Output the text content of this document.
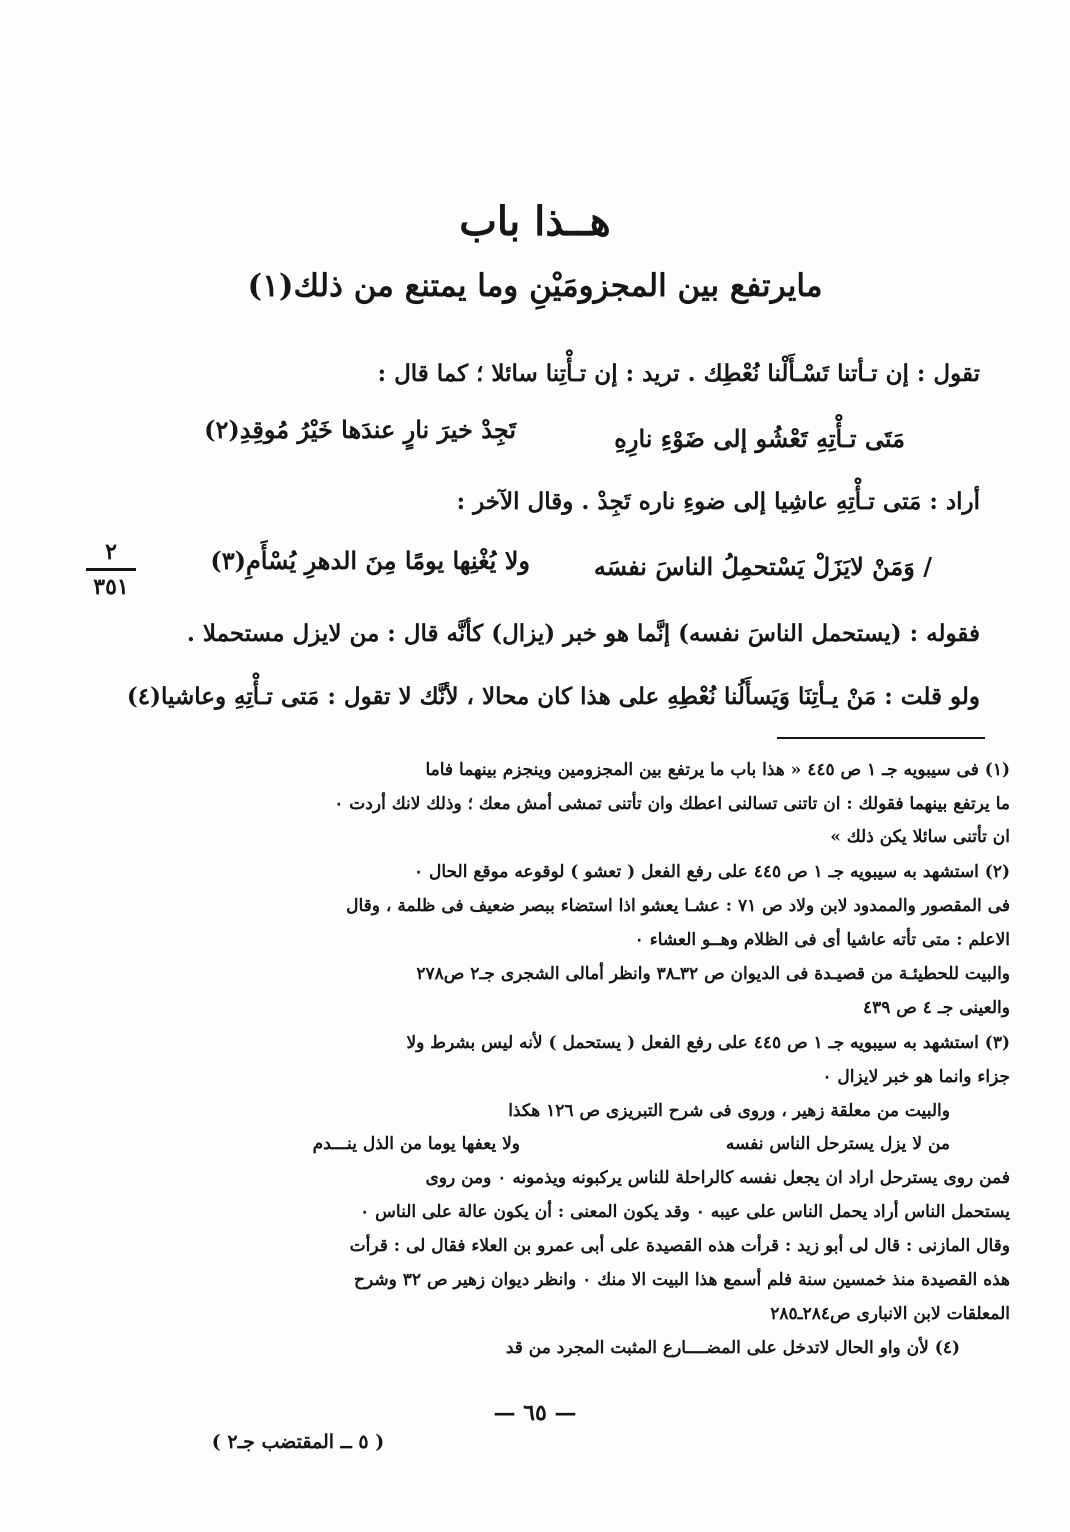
هــذا باب
مايرتفع بين المجزومَيْنِ وما يمتنع من ذلك(١)
تقول : إن تـأتنا تَسْـأَلْنا نُعْطِك . تريد : إن تـأْتِنا سائلا ؛ كما قال :
مَتَى تـأْتِهِ تَعْشُو إلى ضَوْءِ نارِهِ
تَجِدْ خيرَ نارٍ عندَها خَيْرُ مُوقِدِ(٢)
أراد : مَتى تـأْتِهِ عاشِيا إلى ضوءِ ناره تَجِدْ . وقال الآخر :
/ وَمَنْ لايَزَلْ يَسْتحمِلُ الناسَ نفسَه
ولا يُغْنِها يومًا مِنَ الدهرِ يُسْأَمِ(٣)
٢
٣٥١
فقوله : (يستحمل الناسَ نفسه) إنَّما هو خبر (يزال) كأنَّه قال : من لايزل مستحملا .
ولو قلت : مَنْ يـأتِنَا وَيَسأَلُنا نُعْطِهِ على هذا كان محالا ، لأنَّك لا تقول : مَتى تـأْتِهِ وعاشيا(٤)
(١) فى سيبويه جـ ١ ص ٤٤٥ « هذا باب ما يرتفع بين المجزومين وينجزم بينهما فاما
ما يرتفع بينهما فقولك : ان تاتنى تسالنى اعطك وان تأتنى تمشى أمش معك ؛ وذلك لانك أردت ٠
ان تأتنى سائلا يكن ذلك »
(٢) استشهد به سيبويه جـ ١ ص ٤٤٥ على رفع الفعل ( تعشو ) لوقوعه موقع الحال ٠
فى المقصور والممدود لابن ولاد ص ٧١ : عشـا يعشو اذا استضاء ببصر ضعيف فى ظلمة ، وقال
الاعلم : متى تأته عاشيا أى فى الظلام وهــو العشاء ٠
والبيت للحطيئـة من قصيـدة فى الديوان ص ٣٢ـ٣٨ وانظر أمالى الشجرى جـ٢ ص٢٧٨
والعينى جـ ٤ ص ٤٣٩
(٣) استشهد به سيبويه جـ ١ ص ٤٤٥ على رفع الفعل ( يستحمل ) لأنه ليس بشرط ولا
جزاء وانما هو خبر لايزال ٠
والبيت من معلقة زهير ، وروى فى شرح التبريزى ص ١٢٦ هكذا
من لا يزل يسترحل الناس نفسه
ولا يعفها يوما من الذل ينـــدم
فمن روى يسترحل اراد ان يجعل نفسه كالراحلة للناس يركبونه ويذمونه ٠ ومن روى
يستحمل الناس أراد يحمل الناس على عيبه ٠ وقد يكون المعنى : أن يكون عالة على الناس ٠
وقال المازنى : قال لى أبو زيد : قرأت هذه القصيدة على أبى عمرو بن العلاء فقال لى : قرأت
هذه القصيدة منذ خمسين سنة فلم أسمع هذا البيت الا منك ٠ وانظر ديوان زهير ص ٣٢ وشرح
المعلقات لابن الانبارى ص٢٨٤ـ٢٨٥
(٤) لأن واو الحال لاتدخل على المضــــارع المثبت المجرد من قد
— ٦٥ —
( ٥ ــ المقتضب جـ٢ )
